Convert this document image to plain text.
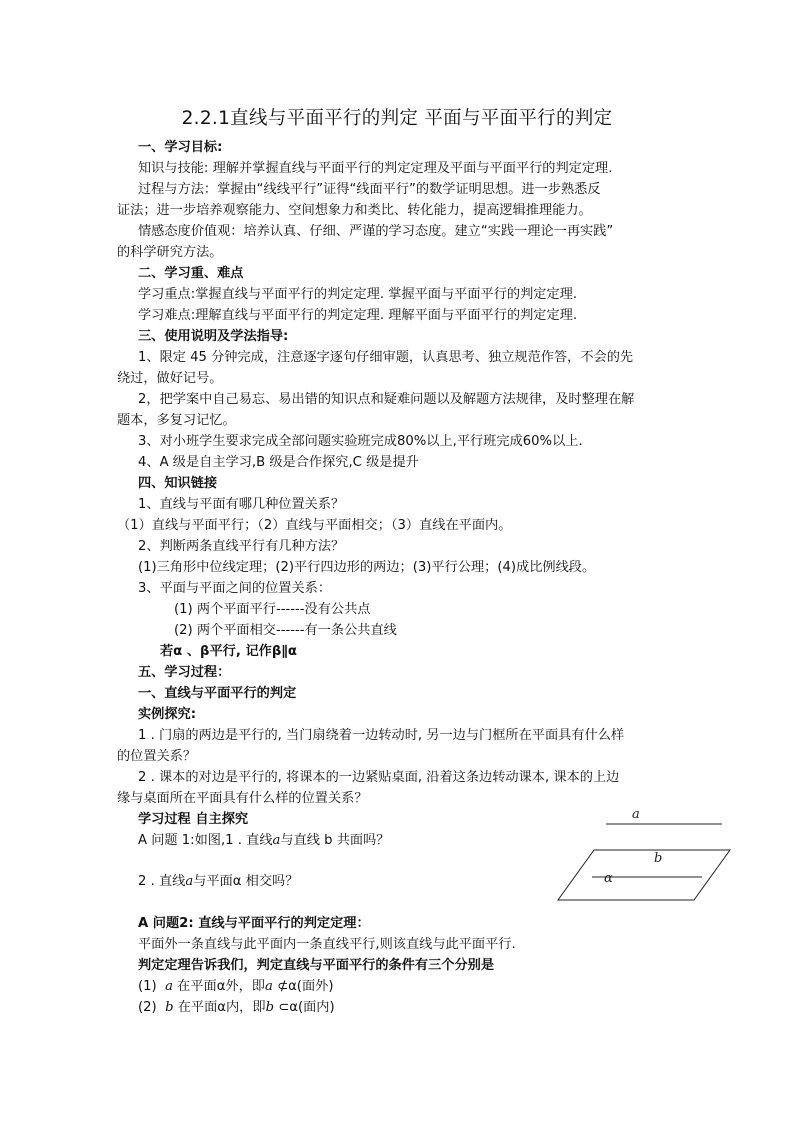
2.2.1直线与平面平行的判定 平面与平面平行的判定
一、学习目标:
知识与技能: 理解并掌握直线与平面平行的判定定理及平面与平面平行的判定定理.
过程与方法：掌握由“线线平行”证得“线面平行”的数学证明思想。进一步熟悉反
证法；进一步培养观察能力、空间想象力和类比、转化能力，提高逻辑推理能力。
情感态度价值观：培养认真、仔细、严谨的学习态度。建立“实践一理论一再实践”
的科学研究方法。
二、学习重、难点
学习重点:掌握直线与平面平行的判定定理. 掌握平面与平面平行的判定定理.
学习难点:理解直线与平面平行的判定定理. 理解平面与平面平行的判定定理.
三、使用说明及学法指导:
1、限定 45 分钟完成，注意逐字逐句仔细审题，认真思考、独立规范作答，不会的先
绕过，做好记号。
2，把学案中自己易忘、易出错的知识点和疑难问题以及解题方法规律，及时整理在解
题本，多复习记忆。
3、对小班学生要求完成全部问题实验班完成80%以上,平行班完成60%以上.
4、A 级是自主学习,B 级是合作探究,C 级是提升
四、知识链接
1、直线与平面有哪几种位置关系？
（1）直线与平面平行；（2）直线与平面相交；（3）直线在平面内。
2、判断两条直线平行有几种方法？
(1)三角形中位线定理；(2)平行四边形的两边；(3)平行公理；(4)成比例线段。
3、平面与平面之间的位置关系：
(1) 两个平面平行------没有公共点
(2) 两个平面相交------有一条公共直线
若α 、β平行, 记作β∥α
五、学习过程：
一、直线与平面平行的判定
实例探究:
1 . 门扇的两边是平行的, 当门扇绕着一边转动时, 另一边与门框所在平面具有什么样
的位置关系？
2 . 课本的对边是平行的, 将课本的一边紧贴桌面, 沿着这条边转动课本, 课本的上边
缘与桌面所在平面具有什么样的位置关系？
学习过程 自主探究
A 问题 1:如图,1 . 直线a与直线 b 共面吗？
2 . 直线a与平面α 相交吗？
A 问题2: 直线与平面平行的判定定理：
平面外一条直线与此平面内一条直线平行,则该直线与此平面平行.
判定定理告诉我们，判定直线与平面平行的条件有三个分别是
(1) a 在平面α外，即a ⊄α(面外)
(2) b 在平面α内，即b ⊂α(面内)
a
b
α
